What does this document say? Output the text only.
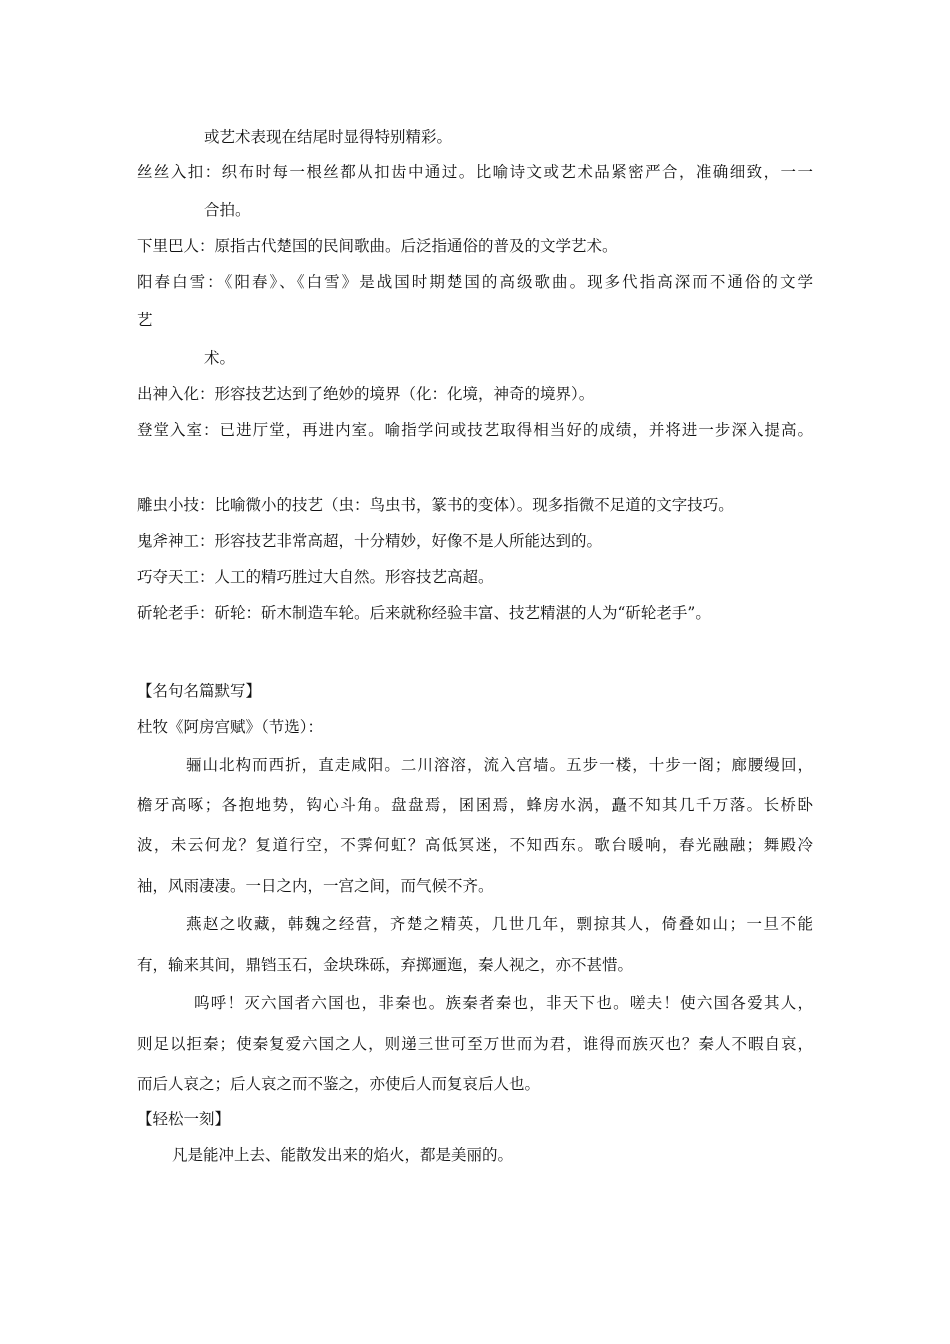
或艺术表现在结尾时显得特别精彩。
丝丝入扣：织布时每一根丝都从扣齿中通过。比喻诗文或艺术品紧密严合，准确细致，一一
合拍。
下里巴人：原指古代楚国的民间歌曲。后泛指通俗的普及的文学艺术。
阳春白雪：《阳春》、《白雪》是战国时期楚国的高级歌曲。现多代指高深而不通俗的文学
艺
术。
出神入化：形容技艺达到了绝妙的境界（化：化境，神奇的境界）。
登堂入室：已进厅堂，再进内室。喻指学问或技艺取得相当好的成绩，并将进一步深入提高。
雕虫小技：比喻微小的技艺（虫：鸟虫书，篆书的变体）。现多指微不足道的文字技巧。
鬼斧神工：形容技艺非常高超，十分精妙，好像不是人所能达到的。
巧夺天工：人工的精巧胜过大自然。形容技艺高超。
斫轮老手：斫轮：斫木制造车轮。后来就称经验丰富、技艺精湛的人为“斫轮老手”。
【名句名篇默写】
杜牧《阿房宫赋》（节选）：
骊山北构而西折，直走咸阳。二川溶溶，流入宫墙。五步一楼，十步一阁；廊腰缦回，
檐牙高啄；各抱地势，钩心斗角。盘盘焉，囷囷焉，蜂房水涡，矗不知其几千万落。长桥卧
波，未云何龙？复道行空，不霁何虹？高低冥迷，不知西东。歌台暖响，春光融融；舞殿冷
袖，风雨凄凄。一日之内，一宫之间，而气候不齐。
燕赵之收藏，韩魏之经营，齐楚之精英，几世几年，剽掠其人，倚叠如山；一旦不能
有，输来其间，鼎铛玉石，金块珠砾，弃掷逦迤，秦人视之，亦不甚惜。
呜呼！灭六国者六国也，非秦也。族秦者秦也，非天下也。嗟夫！使六国各爱其人，
则足以拒秦；使秦复爱六国之人，则递三世可至万世而为君，谁得而族灭也？秦人不暇自哀，
而后人哀之；后人哀之而不鉴之，亦使后人而复哀后人也。
【轻松一刻】
凡是能冲上去、能散发出来的焰火，都是美丽的。
